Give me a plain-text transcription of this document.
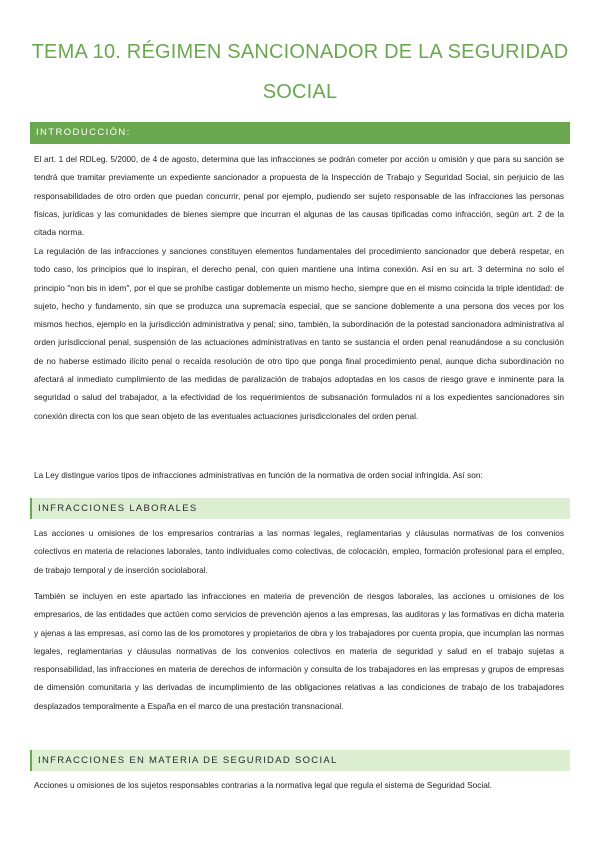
TEMA 10. RÉGIMEN SANCIONADOR DE LA SEGURIDAD
SOCIAL
INTRODUCCIÓN:

El art. 1 del RDLeg. 5/2000, de 4 de agosto, determina que las infracciones se podrán cometer por acción u omisión y que para su sanción se tendrá que tramitar previamente un expediente sancionador a propuesta de la Inspección de Trabajo y Seguridad Social, sin perjuicio de las responsabilidades de otro orden que puedan concurrir, penal por ejemplo, pudiendo ser sujeto responsable de las infracciones las personas físicas, jurídicas y las comunidades de bienes siempre que incurran el algunas de las causas tipificadas como infracción, según art. 2 de la citada norma.

La regulación de las infracciones y sanciones constituyen elementos fundamentales del procedimiento sancionador que deberá respetar, en todo caso, los principios que lo inspiran, el derecho penal, con quien mantiene una íntima conexión. Así en su art. 3 determina no solo el principio "non bis in idem", por el que se prohíbe castigar doblemente un mismo hecho, siempre que en el mismo coincida la triple identidad: de sujeto, hecho y fundamento, sin que se produzca una supremacía especial, que se sancione doblemente a una persona dos veces por los mismos hechos, ejemplo en la jurisdicción administrativa y penal; sino, también, la subordinación de la potestad sancionadora administrativa al orden jurisdiccional penal, suspensión de las actuaciones administrativas en tanto se sustancia el orden penal reanudándose a su conclusión de no haberse estimado ilícito penal o recaída resolución de otro tipo que ponga final procedimiento penal, aunque dicha subordinación no afectará al inmediato cumplimiento de las medidas de paralización de trabajos adoptadas en los casos de riesgo grave e inminente para la seguridad o salud del trabajador, a la efectividad de los requerimientos de subsanación formulados ni a los expedientes sancionadores sin conexión directa con los que sean objeto de las eventuales actuaciones jurisdiccionales del orden penal.

La Ley distingue varios tipos de infracciones administrativas en función de la normativa de orden social infringida. Así son:

INFRACCIONES LABORALES

Las acciones u omisiones de los empresarios contrarias a las normas legales, reglamentarias y cláusulas normativas de los convenios colectivos en materia de relaciones laborales, tanto individuales como colectivas, de colocación, empleo, formación profesional para el empleo, de trabajo temporal y de inserción sociolaboral.

También se incluyen en este apartado las infracciones en materia de prevención de riesgos laborales, las acciones u omisiones de los empresarios, de las entidades que actúen como servicios de prevención ajenos a las empresas, las auditoras y las formativas en dicha materia y ajenas a las empresas, así como las de los promotores y propietarios de obra y los trabajadores por cuenta propia, que incumplan las normas legales, reglamentarias y cláusulas normativas de los convenios colectivos en materia de seguridad y salud en el trabajo sujetas a responsabilidad, las infracciones en materia de derechos de información y consulta de los trabajadores en las empresas y grupos de empresas de dimensión comunitaria y las derivadas de incumplimiento de las obligaciones relativas a las condiciones de trabajo de los trabajadores desplazados temporalmente a España en el marco de una prestación transnacional.

INFRACCIONES EN MATERIA DE SEGURIDAD SOCIAL

Acciones u omisiones de los sujetos responsables contrarias a la normativa legal que regula el sistema de Seguridad Social.
